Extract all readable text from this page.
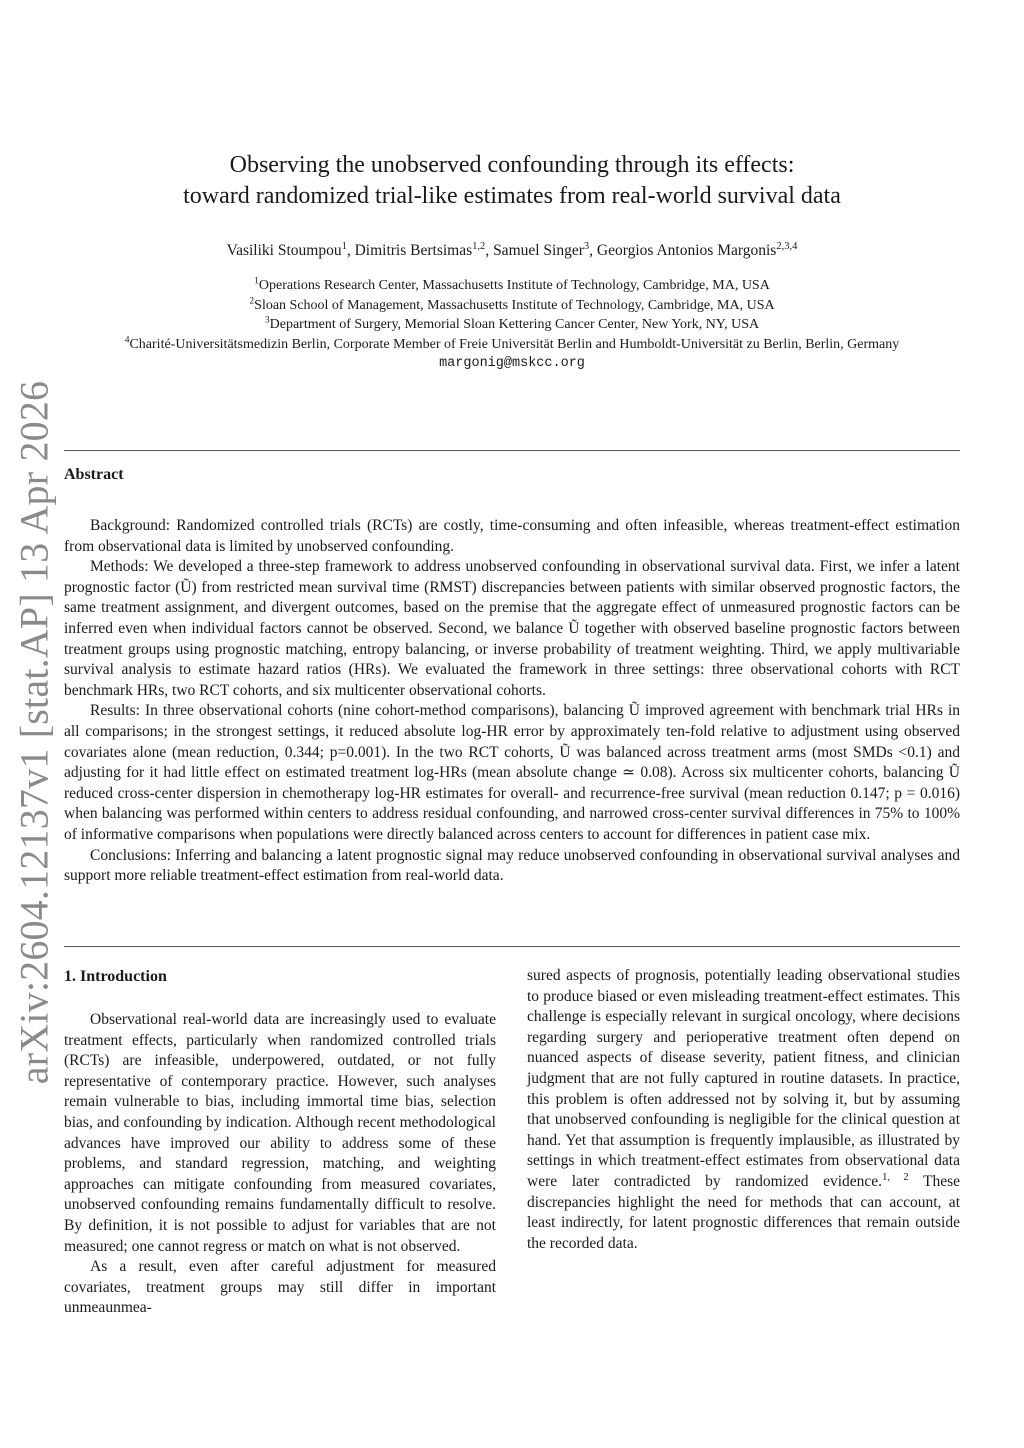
arXiv:2604.12137v1 [stat.AP] 13 Apr 2026
Observing the unobserved confounding through its effects:
toward randomized trial-like estimates from real-world survival data
Vasiliki Stoumpou$^1$, Dimitris Bertsimas$^{1,2}$, Samuel Singer$^3$, Georgios Antonios Margonis$^{2,3,4}$
$^1$Operations Research Center, Massachusetts Institute of Technology, Cambridge, MA, USA
$^2$Sloan School of Management, Massachusetts Institute of Technology, Cambridge, MA, USA
$^3$Department of Surgery, Memorial Sloan Kettering Cancer Center, New York, NY, USA
$^4$Charité-Universitätsmedizin Berlin, Corporate Member of Freie Universität Berlin and Humboldt-Universität zu Berlin, Berlin, Germany
margonig@mskcc.org
Abstract

Background: Randomized controlled trials (RCTs) are costly, time-consuming and often infeasible, whereas treatment-effect estimation from observational data is limited by unobserved confounding.

Methods: We developed a three-step framework to address unobserved confounding in observational survival data. First, we infer a latent prognostic factor (Ũ) from restricted mean survival time (RMST) discrepancies between patients with similar observed prognostic factors, the same treatment assignment, and divergent outcomes, based on the premise that the aggregate effect of unmeasured prognostic factors can be inferred even when individual factors cannot be observed. Second, we balance Ũ together with observed baseline prognostic factors between treatment groups using prognostic matching, entropy balancing, or inverse probability of treatment weighting. Third, we apply multivariable survival analysis to estimate hazard ratios (HRs). We evaluated the framework in three settings: three observational cohorts with RCT benchmark HRs, two RCT cohorts, and six multicenter observational cohorts.

Results: In three observational cohorts (nine cohort-method comparisons), balancing Ũ improved agreement with benchmark trial HRs in all comparisons; in the strongest settings, it reduced absolute log-HR error by approximately ten-fold relative to adjustment using observed covariates alone (mean reduction, 0.344; p=0.001). In the two RCT cohorts, Ũ was balanced across treatment arms (most SMDs <0.1) and adjusting for it had little effect on estimated treatment log-HRs (mean absolute change ≃ 0.08). Across six multicenter cohorts, balancing Ũ reduced cross-center dispersion in chemotherapy log-HR estimates for overall- and recurrence-free survival (mean reduction 0.147; p = 0.016) when balancing was performed within centers to address residual confounding, and narrowed cross-center survival differences in 75% to 100% of informative comparisons when populations were directly balanced across centers to account for differences in patient case mix.

Conclusions: Inferring and balancing a latent prognostic signal may reduce unobserved confounding in observational survival analyses and support more reliable treatment-effect estimation from real-world data.

1. Introduction

Observational real-world data are increasingly used to evaluate treatment effects, particularly when randomized controlled trials (RCTs) are infeasible, underpowered, outdated, or not fully representative of contemporary practice. However, such analyses remain vulnerable to bias, including immortal time bias, selection bias, and confounding by indication. Although recent methodological advances have improved our ability to address some of these problems, and standard regression, matching, and weighting approaches can mitigate confounding from measured covariates, unobserved confounding remains fundamentally difficult to resolve. By definition, it is not possible to adjust for variables that are not measured; one cannot regress or match on what is not observed.

As a result, even after careful adjustment for measured covariates, treatment groups may still differ in important unmeaunmea-

sured aspects of prognosis, potentially leading observational studies to produce biased or even misleading treatment-effect estimates. This challenge is especially relevant in surgical oncology, where decisions regarding surgery and perioperative treatment often depend on nuanced aspects of disease severity, patient fitness, and clinician judgment that are not fully captured in routine datasets. In practice, this problem is often addressed not by solving it, but by assuming that unobserved confounding is negligible for the clinical question at hand. Yet that assumption is frequently implausible, as illustrated by settings in which treatment-effect estimates from observational data were later contradicted by randomized evidence.$^{1, 2}$ These discrepancies highlight the need for methods that can account, at least indirectly, for latent prognostic differences that remain outside the recorded data.
